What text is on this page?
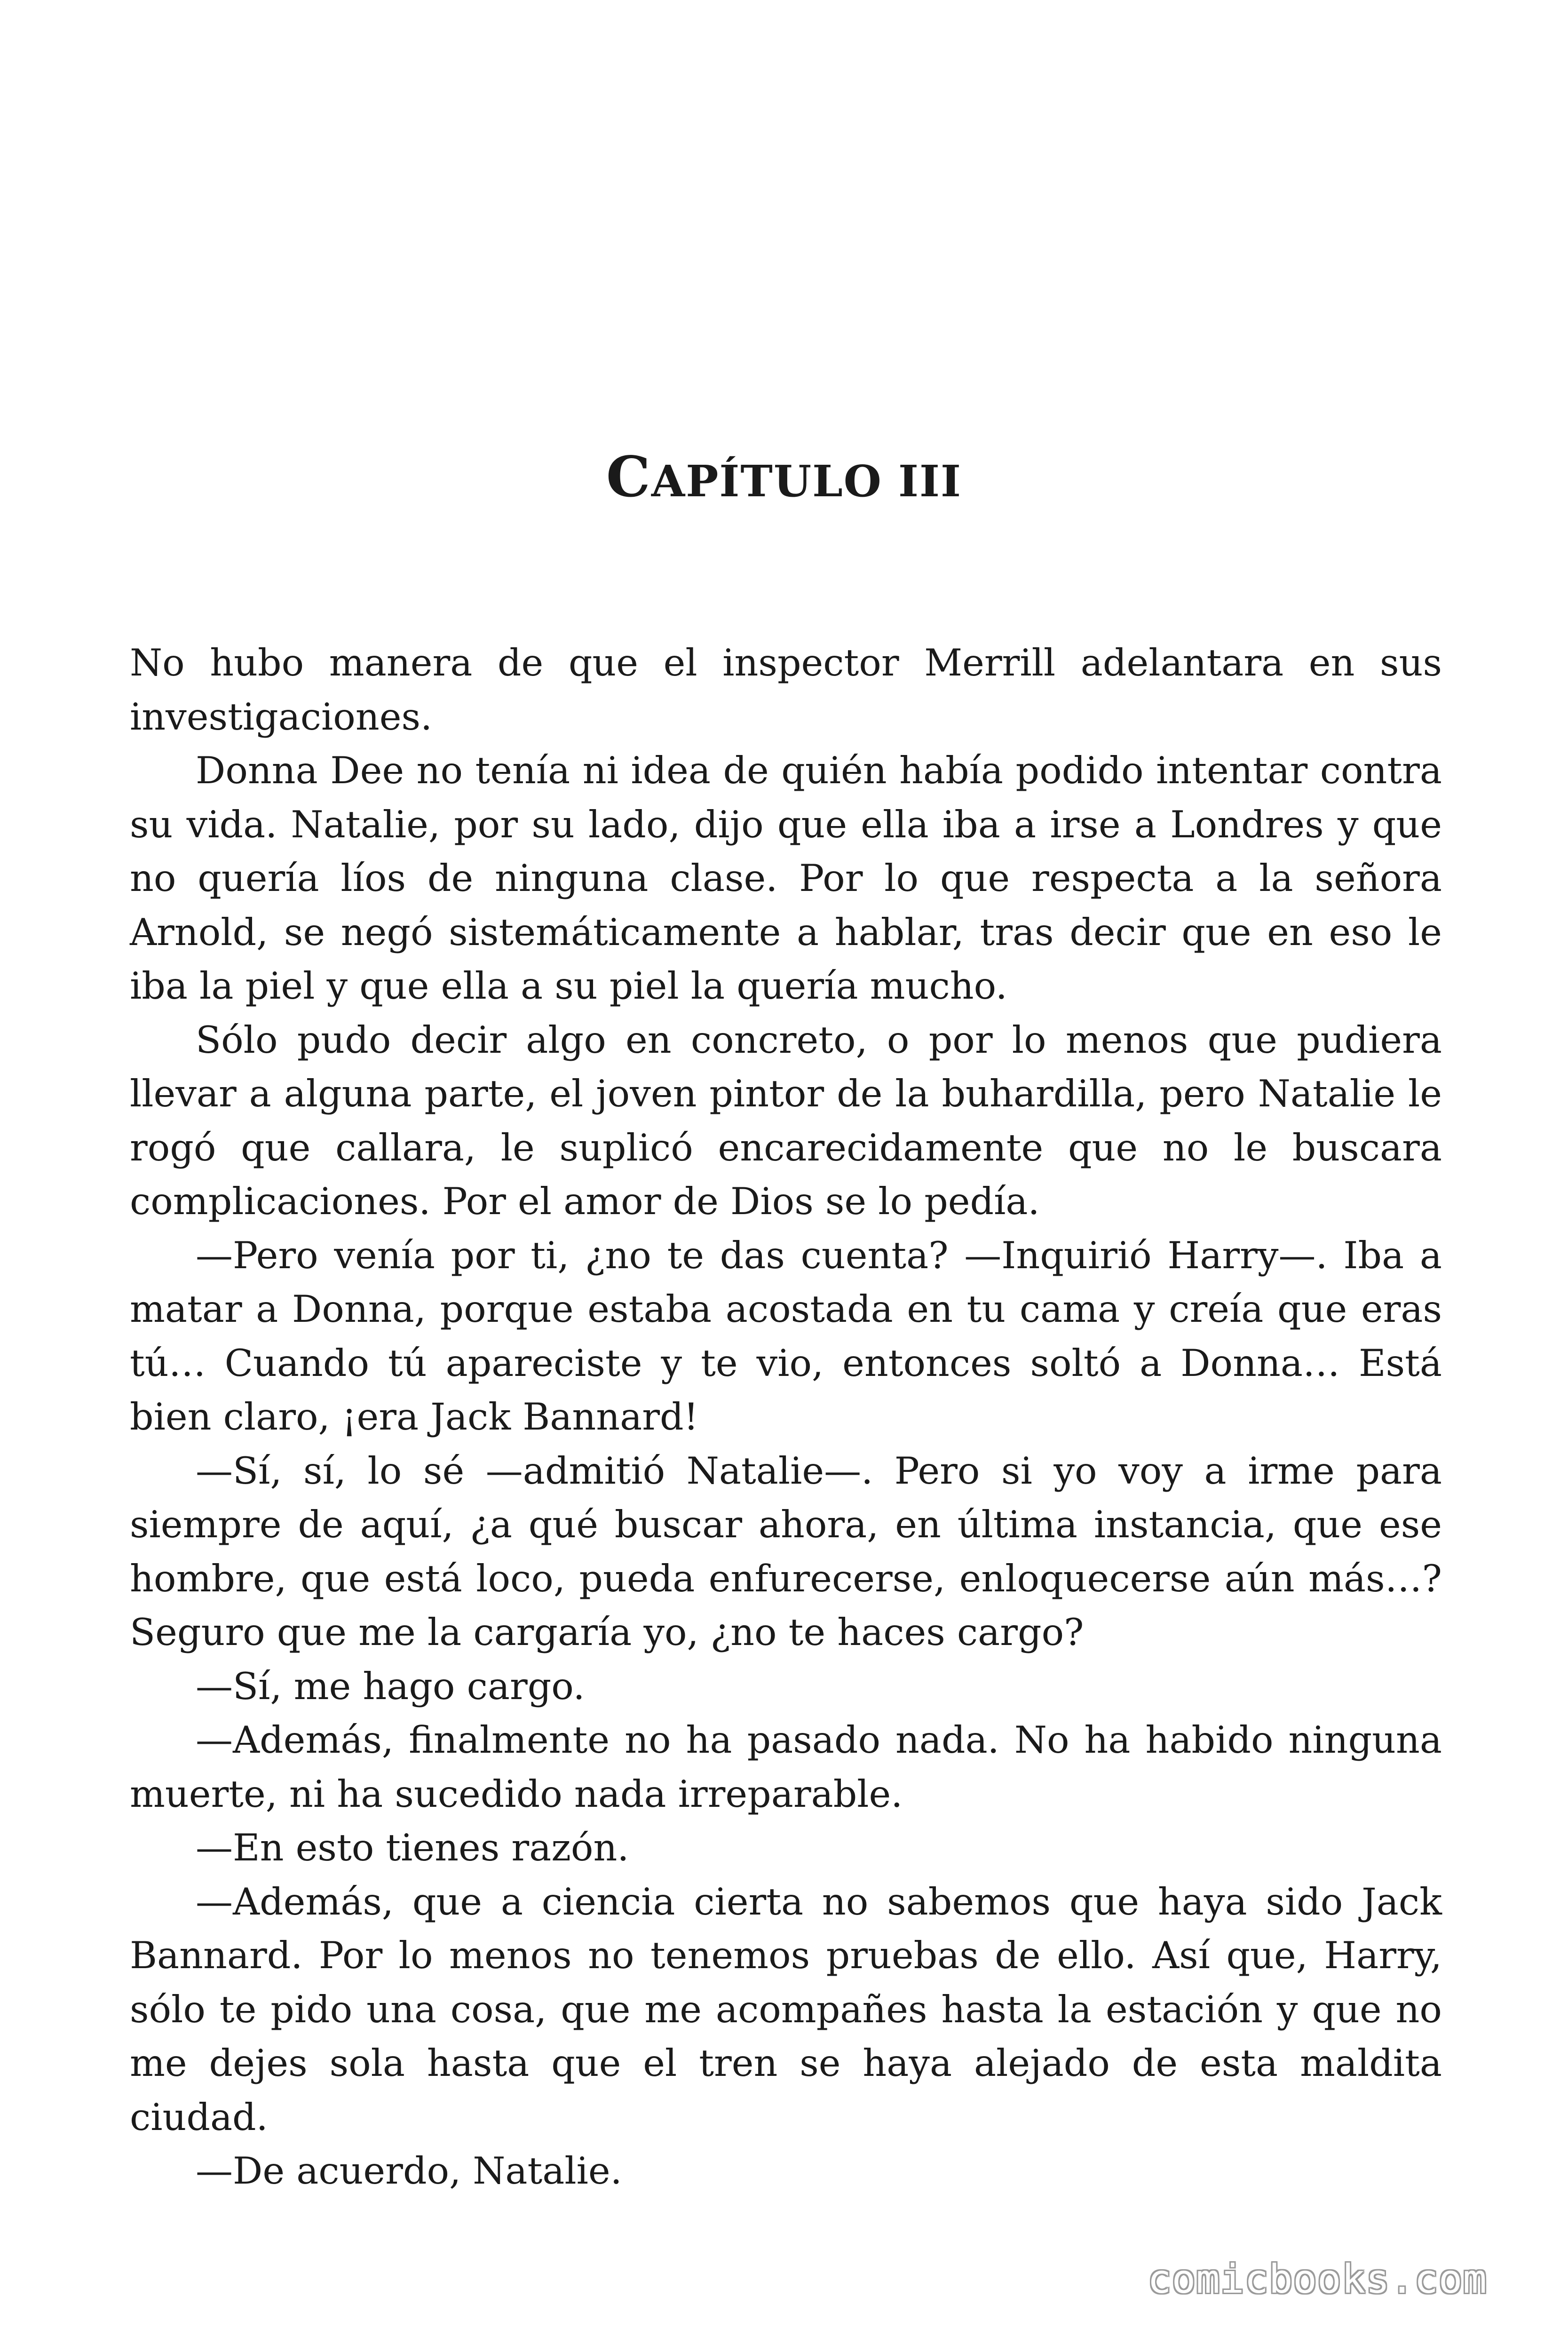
CAPÍTULO III

No hubo manera de que el inspector Merrill adelantara en sus investigaciones.

Donna Dee no tenía ni idea de quién había podido intentar contra su vida. Natalie, por su lado, dijo que ella iba a irse a Londres y que no quería líos de ninguna clase. Por lo que respecta a la señora Arnold, se negó sistemáticamente a hablar, tras decir que en eso le iba la piel y que ella a su piel la quería mucho.

Sólo pudo decir algo en concreto, o por lo menos que pudiera llevar a alguna parte, el joven pintor de la buhardilla, pero Natalie le rogó que callara, le suplicó encarecidamente que no le buscara complicaciones. Por el amor de Dios se lo pedía.

—Pero venía por ti, ¿no te das cuenta? —Inquirió Harry—. Iba a matar a Donna, porque estaba acostada en tu cama y creía que eras tú… Cuando tú apareciste y te vio, entonces soltó a Donna… Está bien claro, ¡era Jack Bannard!

—Sí, sí, lo sé —admitió Natalie—. Pero si yo voy a irme para siempre de aquí, ¿a qué buscar ahora, en última instancia, que ese hombre, que está loco, pueda enfurecerse, enloquecerse aún más…? Seguro que me la cargaría yo, ¿no te haces cargo?

—Sí, me hago cargo.

—Además, finalmente no ha pasado nada. No ha habido ninguna muerte, ni ha sucedido nada irreparable.

—En esto tienes razón.

—Además, que a ciencia cierta no sabemos que haya sido Jack Bannard. Por lo menos no tenemos pruebas de ello. Así que, Harry, sólo te pido una cosa, que me acompañes hasta la estación y que no me dejes sola hasta que el tren se haya alejado de esta maldita ciudad.

—De acuerdo, Natalie.

comicbooks.com
